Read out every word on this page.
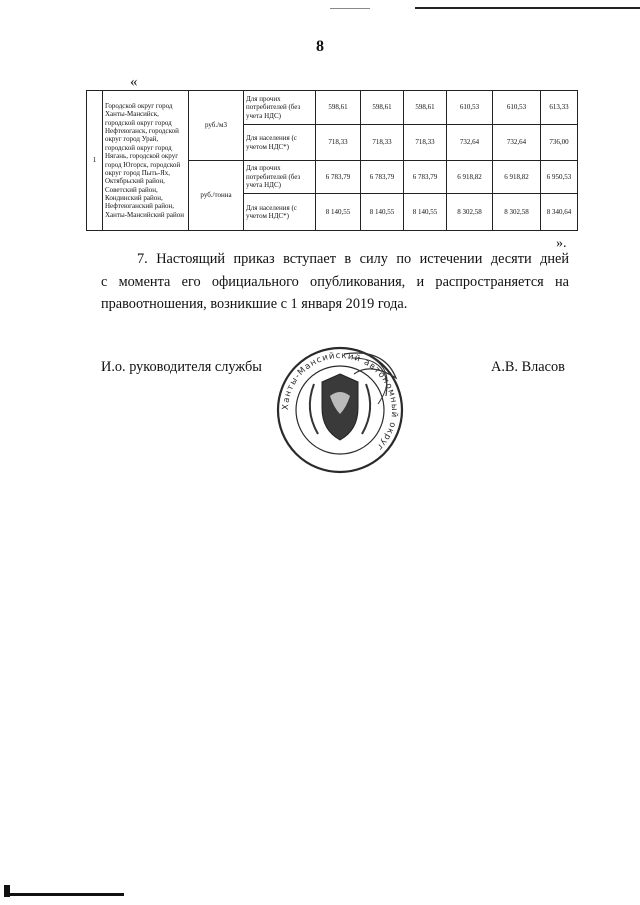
8
«
1	Городской округ город Ханты-Мансийск, городской округ город Нефтеюганск, городской округ город Урай, городской округ город Нягань, городской округ город Югорск, городской округ город Пыть-Ях, Октябрьский район, Советский район, Кондинский район, Нефтеюганский район, Ханты-Мансийский район	руб./м3	Для прочих потребителей (без учета НДС)	598,61	598,61	598,61	610,53	610,53	613,33
			Для населения (с учетом НДС*)	718,33	718,33	718,33	732,64	732,64	736,00
		руб./тонна	Для прочих потребителей (без учета НДС)	6 783,79	6 783,79	6 783,79	6 918,82	6 918,82	6 950,53
			Для населения (с учетом НДС*)	8 140,55	8 140,55	8 140,55	8 302,58	8 302,58	8 340,64
».
7. Настоящий приказ вступает в силу по истечении десяти дней
с момента его официального опубликования, и распространяется на
правоотношения, возникшие с 1 января 2019 года.
И.о. руководителя службы
Ханты-Мансийский автономный округ
А.В. Власов
